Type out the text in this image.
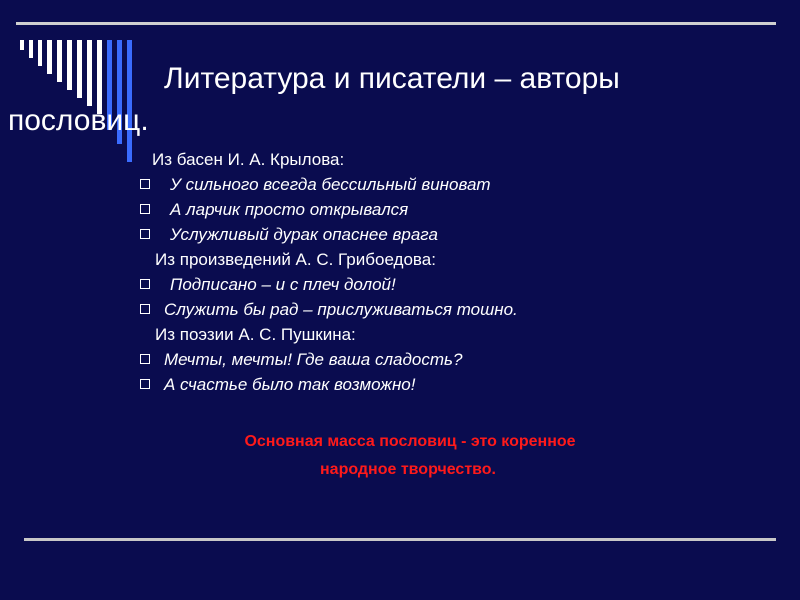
Литература и писатели – авторы
пословиц.
Из басен И. А. Крылова:
У сильного всегда бессильный виноват
А ларчик просто открывался
Услужливый дурак опаснее врага
Из произведений А. С. Грибоедова:
Подписано – и с плеч долой!
Служить бы рад – прислуживаться тошно.
Из поэзии А. С. Пушкина:
Мечты, мечты! Где ваша сладость?
А счастье было так возможно!
Основная масса пословиц - это коренное
народное творчество.
